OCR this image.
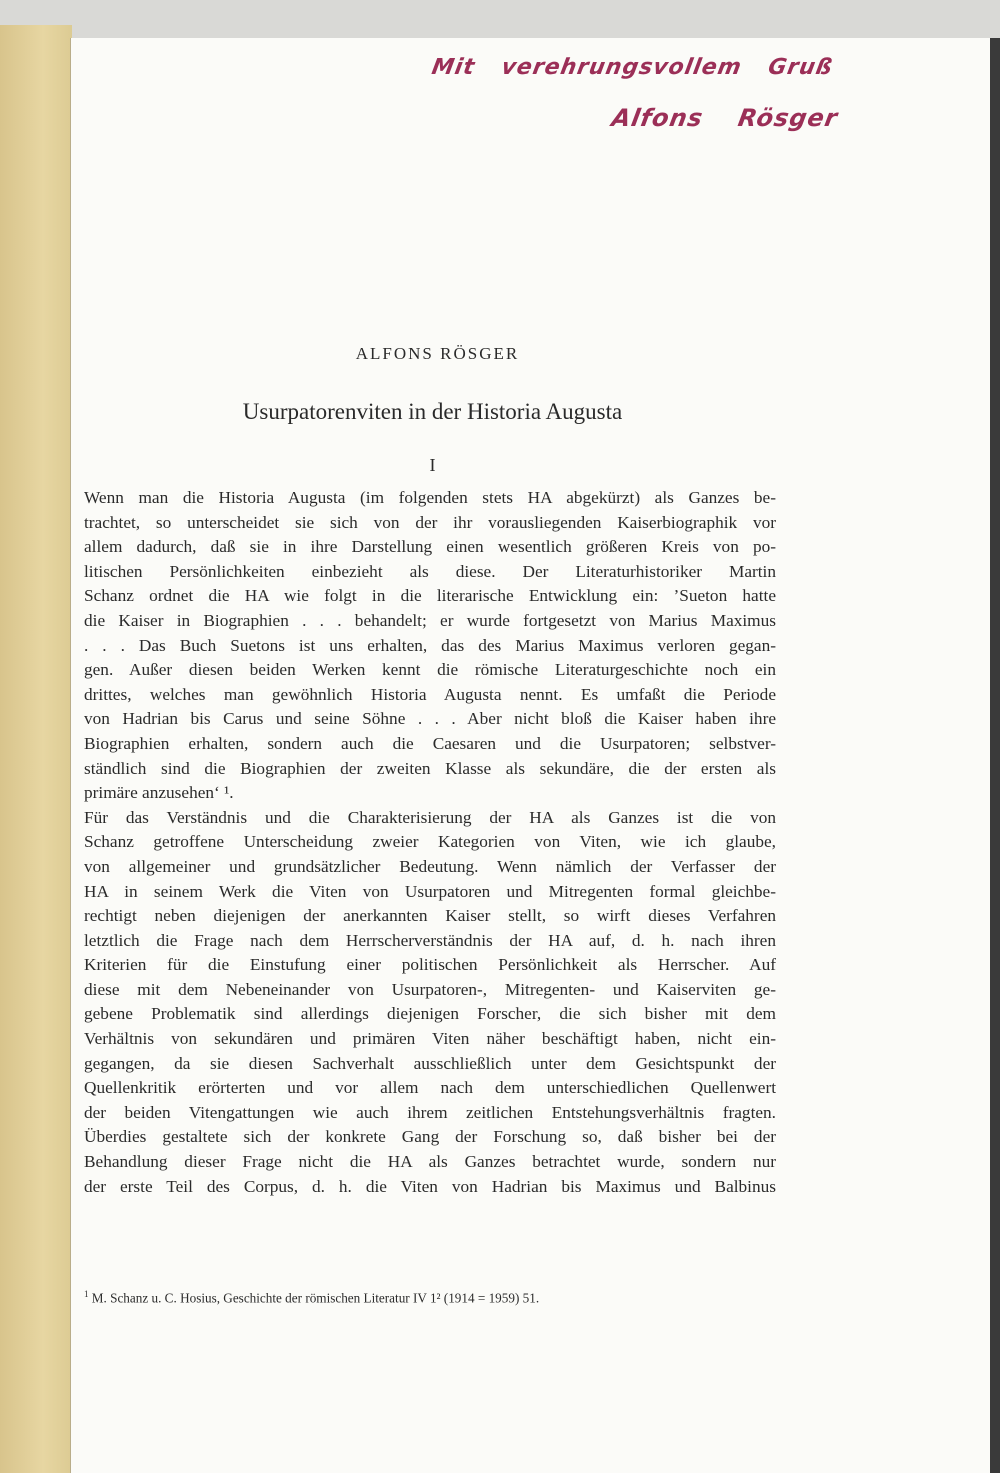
Mit verehrungsvollem Gruß
Alfons Rösger
ALFONS RÖSGER
Usurpatorenviten in der Historia Augusta
I
Wenn man die Historia Augusta (im folgenden stets HA abgekürzt) als Ganzes be-
trachtet, so unterscheidet sie sich von der ihr vorausliegenden Kaiserbiographik vor
allem dadurch, daß sie in ihre Darstellung einen wesentlich größeren Kreis von po-
litischen Persönlichkeiten einbezieht als diese. Der Literaturhistoriker Martin
Schanz ordnet die HA wie folgt in die literarische Entwicklung ein: ’Sueton hatte
die Kaiser in Biographien . . . behandelt; er wurde fortgesetzt von Marius Maximus
. . . Das Buch Suetons ist uns erhalten, das des Marius Maximus verloren gegan-
gen. Außer diesen beiden Werken kennt die römische Literaturgeschichte noch ein
drittes, welches man gewöhnlich Historia Augusta nennt. Es umfaßt die Periode
von Hadrian bis Carus und seine Söhne . . . Aber nicht bloß die Kaiser haben ihre
Biographien erhalten, sondern auch die Caesaren und die Usurpatoren; selbstver-
ständlich sind die Biographien der zweiten Klasse als sekundäre, die der ersten als
primäre anzusehen‘ ¹.
Für das Verständnis und die Charakterisierung der HA als Ganzes ist die von
Schanz getroffene Unterscheidung zweier Kategorien von Viten, wie ich glaube,
von allgemeiner und grundsätzlicher Bedeutung. Wenn nämlich der Verfasser der
HA in seinem Werk die Viten von Usurpatoren und Mitregenten formal gleichbe-
rechtigt neben diejenigen der anerkannten Kaiser stellt, so wirft dieses Verfahren
letztlich die Frage nach dem Herrscherverständnis der HA auf, d. h. nach ihren
Kriterien für die Einstufung einer politischen Persönlichkeit als Herrscher. Auf
diese mit dem Nebeneinander von Usurpatoren-, Mitregenten- und Kaiserviten ge-
gebene Problematik sind allerdings diejenigen Forscher, die sich bisher mit dem
Verhältnis von sekundären und primären Viten näher beschäftigt haben, nicht ein-
gegangen, da sie diesen Sachverhalt ausschließlich unter dem Gesichtspunkt der
Quellenkritik erörterten und vor allem nach dem unterschiedlichen Quellenwert
der beiden Vitengattungen wie auch ihrem zeitlichen Entstehungsverhältnis fragten.
Überdies gestaltete sich der konkrete Gang der Forschung so, daß bisher bei der
Behandlung dieser Frage nicht die HA als Ganzes betrachtet wurde, sondern nur
der erste Teil des Corpus, d. h. die Viten von Hadrian bis Maximus und Balbinus
$^1$ M. Schanz u. C. Hosius, Geschichte der römischen Literatur IV 1² (1914 = 1959) 51.
